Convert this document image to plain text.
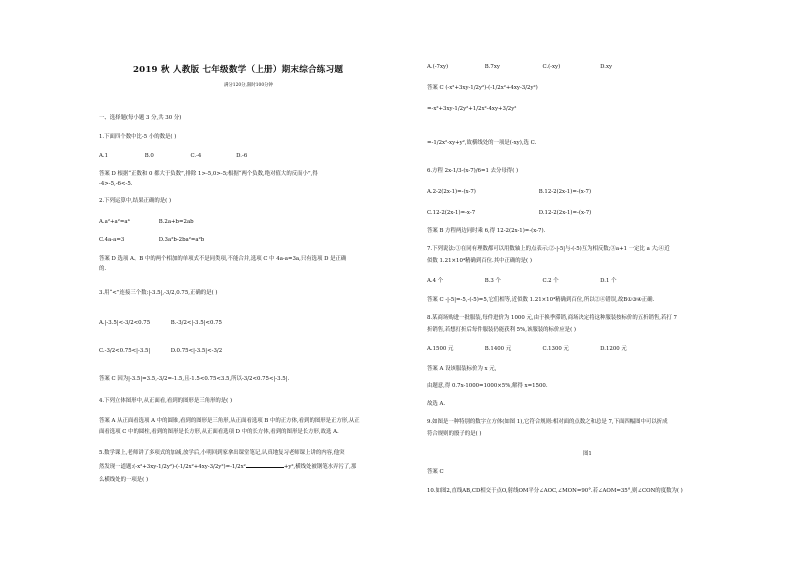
2019 秋 人教版 七年级数学（上册）期末综合练习题
满分120分,限时100分钟
一、选择题(每小题 3 分,共 30 分)
1.下面四个数中比-5 小的数是( )
A.1	B.0	C.-4	D.-6
答案 D 根据“正数和 0 都大于负数”,排除 1>-5,0>-5;根据“两个负数,绝对值大的反而小”,得
-4>-5,-6<-5.
2.下列运算中,结果正确的是( )
A.a²+a²=a⁴	B.2a+b=2ab
C.4a-a=3	D.3a²b-2ba²=a²b
答案 D 选项 A、B 中的两个相加的单项式不是同类项,不能合并,选项 C 中 4a-a=3a,只有选项 D 是正确
的.
3.用“<”连接三个数:|-3.5|,-3/2,0.75,正确的是( )
A.|-3.5|<-3/2<0.75	B.-3/2<|-3.5|<0.75
C.-3/2<0.75<|-3.5|	D.0.75<|-3.5|<-3/2
答案 C 因为|-3.5|=3.5,-3/2=-1.5,且-1.5<0.75<3.5,所以-3/2<0.75<|-3.5|.
4.下列立体图形中,从正面看,看到的图形是三角形的是( )
答案 A 从正面看选项 A 中的圆锥,看到的图形是三角形,从正面看选项 B 中的正方体,看到的图形是正方形,从正
面看选项 C 中的圆柱,看到的图形是长方形,从正面看选项 D 中的长方体,看到的图形是长方形,故选 A.
5.数学课上,老师讲了多项式的加减,放学后,小明回到家拿出课堂笔记,认真地复习老师课上讲的内容,他突
然发现一道题:(-x²+3xy-1/2y²)-(-1/2x²+4xy-3/2y²)=-1/2x²	+y²,横线处被钢笔水弄污了,那
么横线处的一项是( )
A.(-7xy)	B.7xy	C.(-xy)	D.xy
答案 C (-x²+3xy-1/2y²)-(-1/2x²+4xy-3/2y²)
=-x²+3xy-1/2y²+1/2x²-4xy+3/2y²
=-1/2x²-xy+y²,故横线处的一项是(-xy),选 C.
6.方程 2x-1/3-(x-7)/6=1 去分母得( )
A.2-2(2x-1)=-(x-7)	B.12-2(2x-1)=-(x-7)
C.12-2(2x-1)=-x-7	D.12-2(2x-1)=-(x-7)
答案 B 方程两边同时乘 6,得 12-2(2x-1)=-(x-7).
7.下列说法:①在同有理数都可以用数轴上的点表示;②-|-5|与-(-5)互为相反数;③a+1 一定比 a 大;④近
似数 1.21×10⁴精确到百位.其中正确的是( )
A.4 个	B.3 个	C.2 个	D.1 个
答案 C -|-5|=-5,-(-5)=5,它们相等,近似数 1.21×10⁴精确到百位,所以②④错误,故B①③④正确.
8.某商场购进一批服装,每件进价为 1000 元,由于换季滞销,商场决定将这种服装按标价的五折销售,若打 7
折销售,若想打折后每件服装仍能获利 5%,该服装的标价应是( )
A.1500 元	B.1400 元	C.1300 元	D.1200 元
答案 A 设该服装标价为 x 元,
由题意,得 0.7x-1000=1000×5%,解得 x=1500.
故选 A.
9.如图是一种特别的数字立方体(如图 1),它符合规则:相对面的点数之和总是 7,下面四幅图中可以折成
符合规则的骰子的是( )
图1
答案 C
10.如图2,直线AB,CD相交于点O,射线OM平分∠AOC,∠MON=90°.若∠AOM=35°,则∠CON的度数为( )
